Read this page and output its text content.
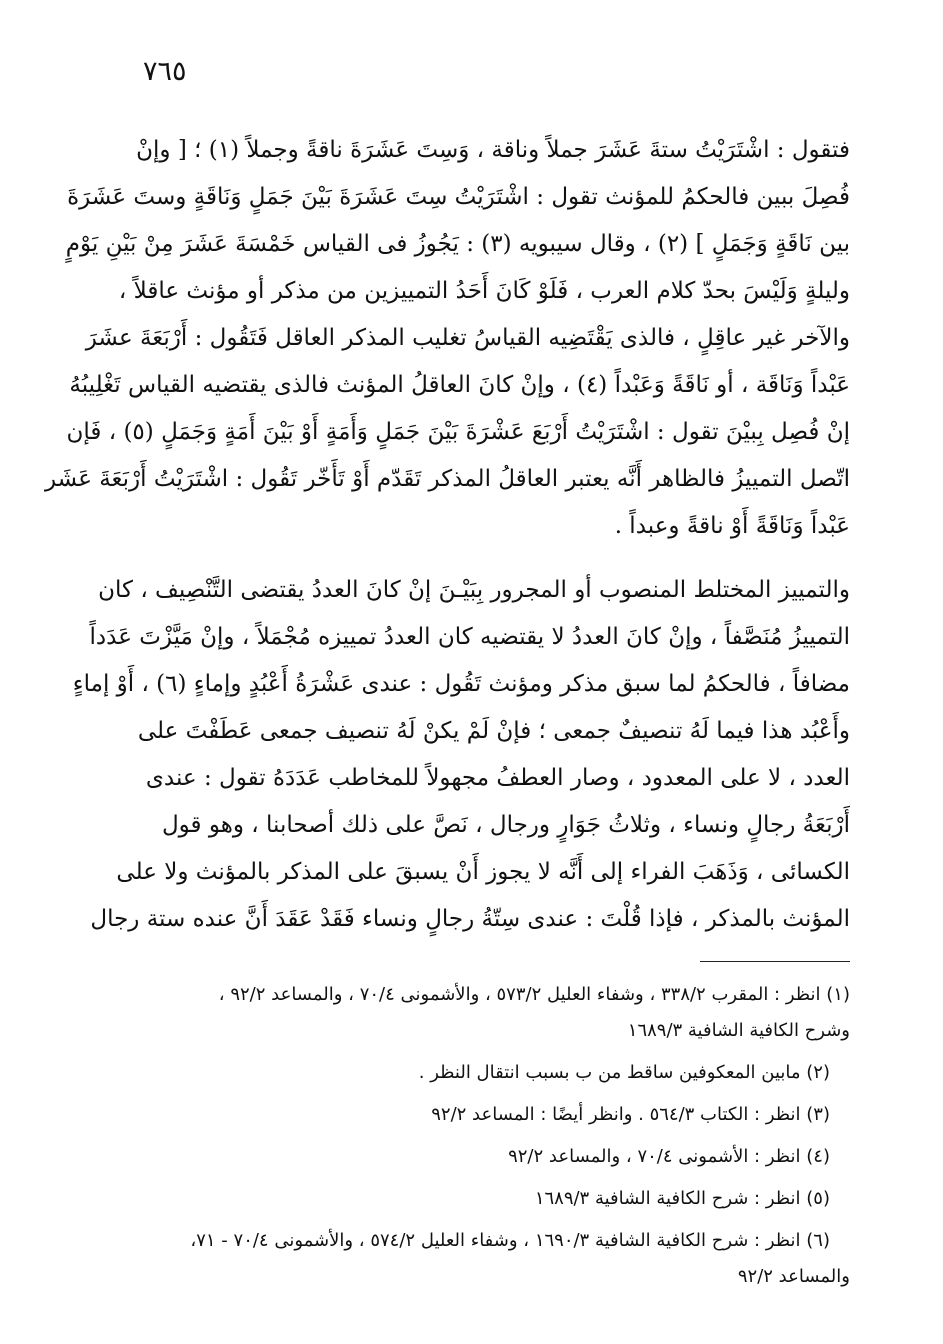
٧٦٥
فتقول : اشْتَرَيْتُ ستةَ عَشَرَ جملاً وناقة ، وَسِتَ عَشَرَةَ ناقةً وجملاً (١) ؛ [ وإنْ
فُصِلَ ببين فالحكمُ للمؤنث تقول : اشْتَرَيْتُ سِتَ عَشَرَةَ بَيْنَ جَمَلٍ وَنَاقَةٍ وستَ عَشَرَةَ
بين نَاقَةٍ وَجَمَلٍ ] (٢) ، وقال سيبويه (٣) : يَجُوزُ فى القياس خَمْسَةَ عَشَرَ مِنْ بَيْنِ يَوْمٍ
وليلةٍ وَلَيْسَ بحدّ كلام العرب ، فَلَوْ كَانَ أَحَدُ التمييزين من مذكر أو مؤنث عاقلاً ،
والآخر غير عاقِلٍ ، فالذى يَقْتَضِيه القياسُ تغليب المذكر العاقل فَتَقُول : أَرْبَعَةَ عشَرَ
عَبْداً وَنَاقَة ، أو نَاقَةً وَعَبْداً (٤) ، وإنْ كانَ العاقلُ المؤنث فالذى يقتضيه القياس تَغْلِيبُهُ
إنْ فُصِل بِبيْنَ تقول : اشْتَرَيْتُ أَرْبَعَ عَشْرَةَ بَيْنَ جَمَلٍ وَأَمَةٍ أَوْ بَيْنَ أَمَةٍ وَجَمَلٍ (٥) ، فَإن
اتّصل التمييزُ فالظاهر أَنَّه يعتبر العاقلُ المذكر تَقَدّم أَوْ تَأَخّر تَقُول : اشْتَرَيْتُ أَرْبَعَةَ عَشَر
عَبْداً وَنَاقَةً أَوْ ناقةً وعبداً .
والتمييز المختلط المنصوب أو المجرور بِبَيْـنَ إنْ كانَ العددُ يقتضى التَّنْصِيف ، كان
التمييزُ مُنَصَّفاً ، وإنْ كانَ العددُ لا يقتضيه كان العددُ تمييزه مُجْمَلاً ، وإنْ مَيَّزْتَ عَدَداً
مضافاً ، فالحكمُ لما سبق مذكر ومؤنث تَقُول : عندى عَشْرَةُ أَعْبُدٍ وإماءٍ (٦) ، أَوْ إماءٍ
وأَعْبُد هذا فيما لَهُ تنصيفٌ جمعى ؛ فإنْ لَمْ يكنْ لَهُ تنصيف جمعى عَطَفْتَ على
العدد ، لا على المعدود ، وصار العطفُ مجهولاً للمخاطب عَدَدَهُ تقول : عندى
أَرْبَعَةُ رجالٍ ونساء ، وثلاثُ جَوَارٍ ورجال ، نَصَّ على ذلك أصحابنا ، وهو قول
الكسائى ، وَذَهَبَ الفراء إلى أَنَّه لا يجوز أَنْ يسبقَ على المذكر بالمؤنث ولا على
المؤنث بالمذكر ، فإذا قُلْتَ : عندى سِتّةُ رجالٍ ونساء فَقَدْ عَقَدَ أَنَّ عنده ستة رجال
(١) انظر : المقرب ٣٣٨/٢ ، وشفاء العليل ٥٧٣/٢ ، والأشمونى ٧٠/٤ ، والمساعد ٩٢/٢ ،
وشرح الكافية الشافية ١٦٨٩/٣
(٢) مابين المعكوفين ساقط من ب بسبب انتقال النظر .
(٣) انظر : الكتاب ٥٦٤/٣ . وانظر أيضًا : المساعد ٩٢/٢
(٤) انظر : الأشمونى ٧٠/٤ ، والمساعد ٩٢/٢
(٥) انظر : شرح الكافية الشافية ١٦٨٩/٣
(٦) انظر : شرح الكافية الشافية ١٦٩٠/٣ ، وشفاء العليل ٥٧٤/٢ ، والأشمونى ٧٠/٤ - ٧١،
والمساعد ٩٢/٢
